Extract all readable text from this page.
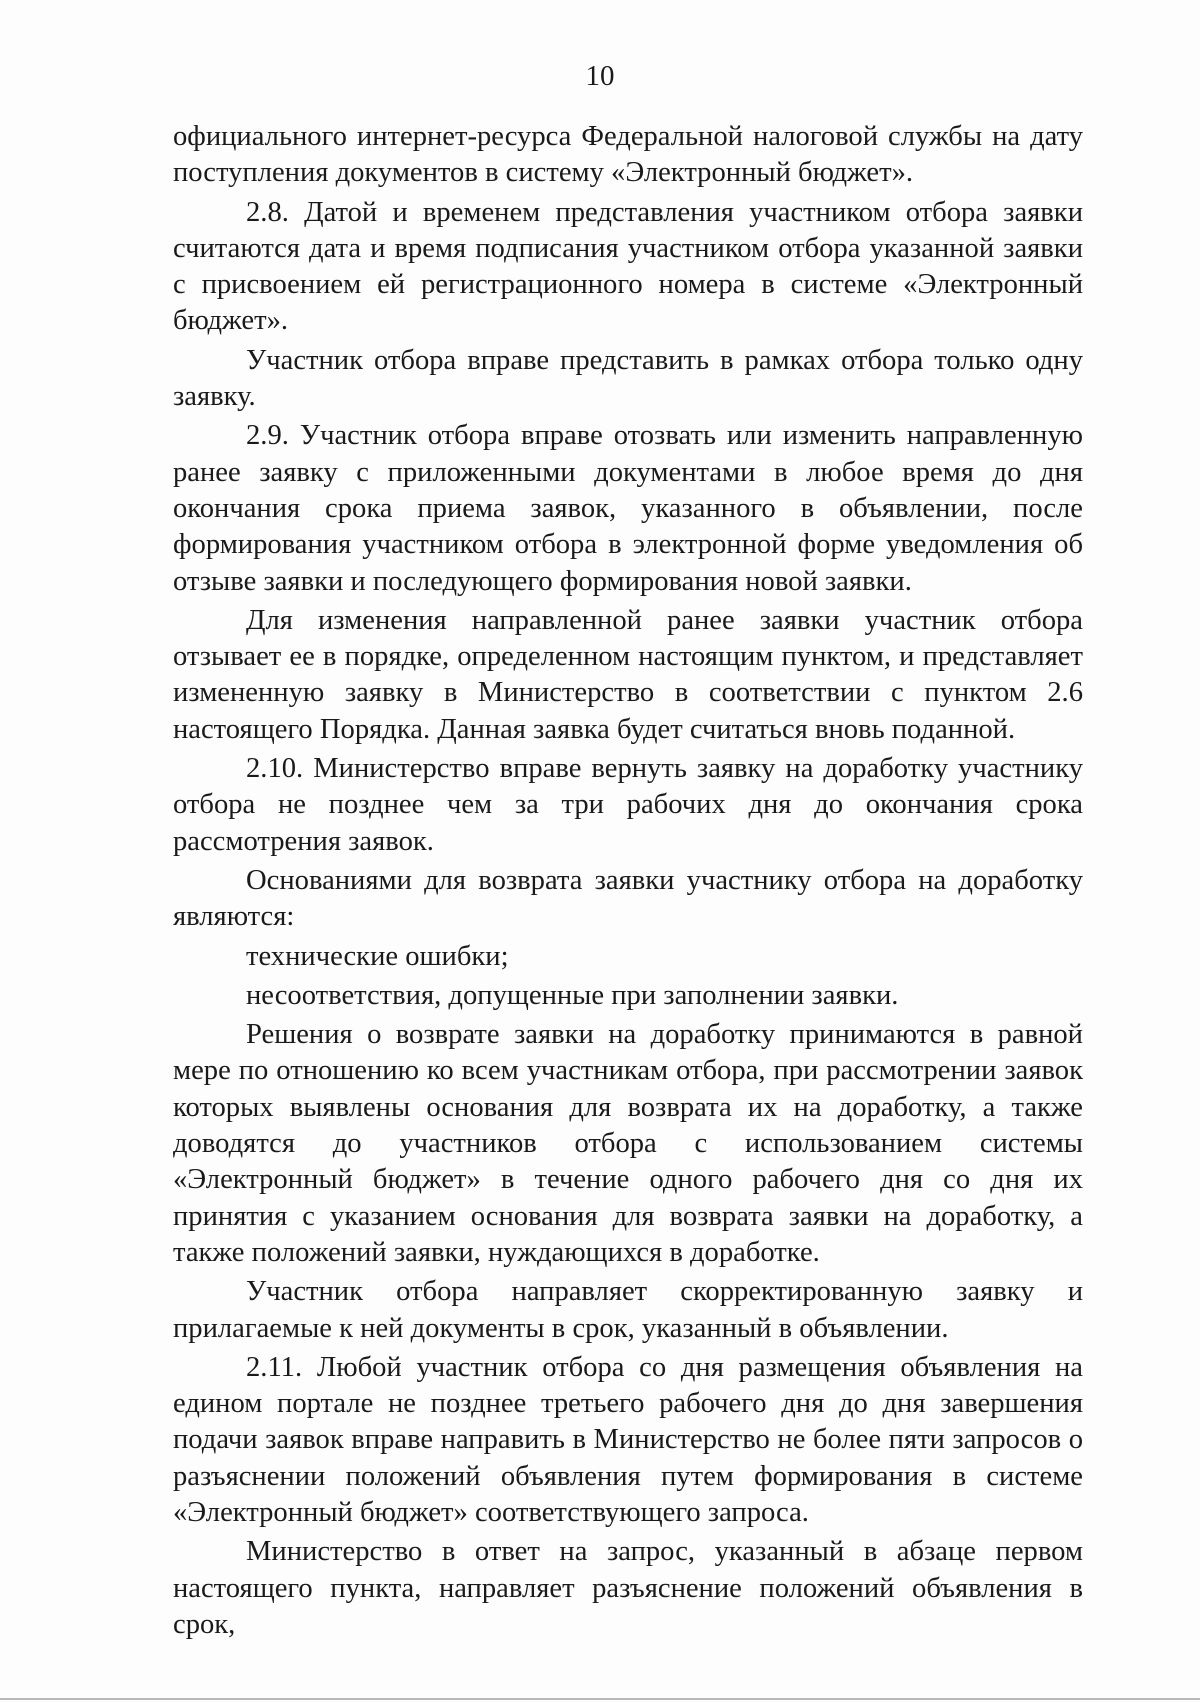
10

официального интернет-ресурса Федеральной налоговой службы на дату поступления документов в систему «Электронный бюджет».

2.8. Датой и временем представления участником отбора заявки считаются дата и время подписания участником отбора указанной заявки с присвоением ей регистрационного номера в системе «Электронный бюджет».

Участник отбора вправе представить в рамках отбора только одну заявку.

2.9. Участник отбора вправе отозвать или изменить направленную ранее заявку с приложенными документами в любое время до дня окончания срока приема заявок, указанного в объявлении, после формирования участником отбора в электронной форме уведомления об отзыве заявки и последующего формирования новой заявки.

Для изменения направленной ранее заявки участник отбора отзывает ее в порядке, определенном настоящим пунктом, и представляет измененную заявку в Министерство в соответствии с пунктом 2.6 настоящего Порядка. Данная заявка будет считаться вновь поданной.

2.10. Министерство вправе вернуть заявку на доработку участнику отбора не позднее чем за три рабочих дня до окончания срока рассмотрения заявок.

Основаниями для возврата заявки участнику отбора на доработку являются:

технические ошибки;

несоответствия, допущенные при заполнении заявки.

Решения о возврате заявки на доработку принимаются в равной мере по отношению ко всем участникам отбора, при рассмотрении заявок которых выявлены основания для возврата их на доработку, а также доводятся до участников отбора с использованием системы «Электронный бюджет» в течение одного рабочего дня со дня их принятия с указанием основания для возврата заявки на доработку, а также положений заявки, нуждающихся в доработке.

Участник отбора направляет скорректированную заявку и прилагаемые к ней документы в срок, указанный в объявлении.

2.11. Любой участник отбора со дня размещения объявления на едином портале не позднее третьего рабочего дня до дня завершения подачи заявок вправе направить в Министерство не более пяти запросов о разъяснении положений объявления путем формирования в системе «Электронный бюджет» соответствующего запроса.

Министерство в ответ на запрос, указанный в абзаце первом настоящего пункта, направляет разъяснение положений объявления в срок,
